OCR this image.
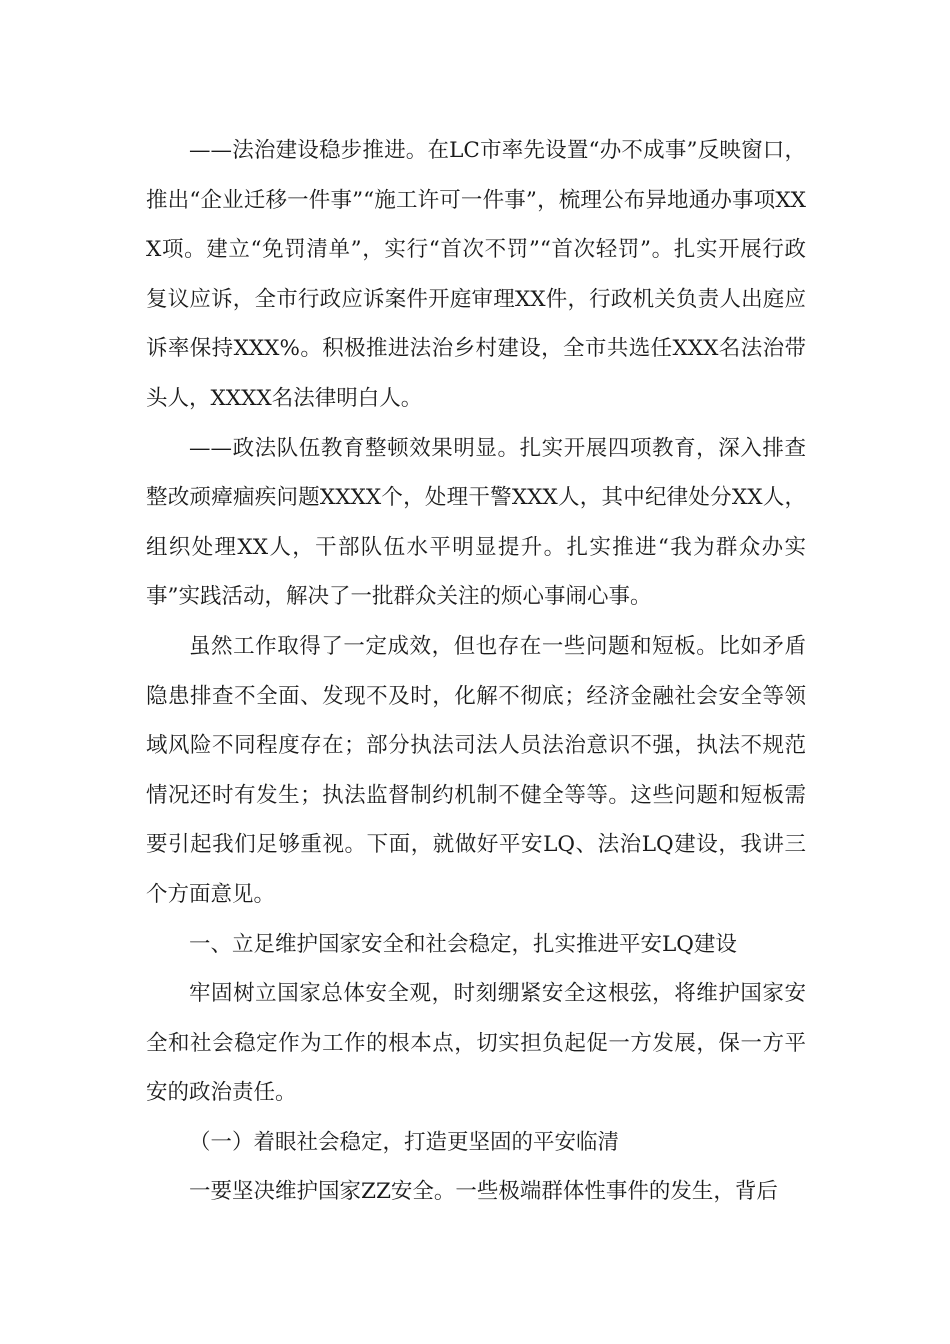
——法治建设稳步推进。在LC市率先设置“办不成事”反映窗口，推出“企业迁移一件事”“施工许可一件事”，梳理公布异地通办事项XXX项。建立“免罚清单”，实行“首次不罚”“首次轻罚”。扎实开展行政复议应诉，全市行政应诉案件开庭审理XX件，行政机关负责人出庭应诉率保持XXX%。积极推进法治乡村建设，全市共选任XXX名法治带头人，XXXX名法律明白人。

——政法队伍教育整顿效果明显。扎实开展四项教育，深入排查整改顽瘴痼疾问题XXXX个，处理干警XXX人，其中纪律处分XX人，组织处理XX人，干部队伍水平明显提升。扎实推进“我为群众办实事”实践活动，解决了一批群众关注的烦心事闹心事。

虽然工作取得了一定成效，但也存在一些问题和短板。比如矛盾隐患排查不全面、发现不及时，化解不彻底；经济金融社会安全等领域风险不同程度存在；部分执法司法人员法治意识不强，执法不规范情况还时有发生；执法监督制约机制不健全等等。这些问题和短板需要引起我们足够重视。下面，就做好平安LQ、法治LQ建设，我讲三个方面意见。

一、立足维护国家安全和社会稳定，扎实推进平安LQ建设

牢固树立国家总体安全观，时刻绷紧安全这根弦，将维护国家安全和社会稳定作为工作的根本点，切实担负起促一方发展，保一方平安的政治责任。

（一）着眼社会稳定，打造更坚固的平安临清

一要坚决维护国家ZZ安全。一些极端群体性事件的发生，背后
